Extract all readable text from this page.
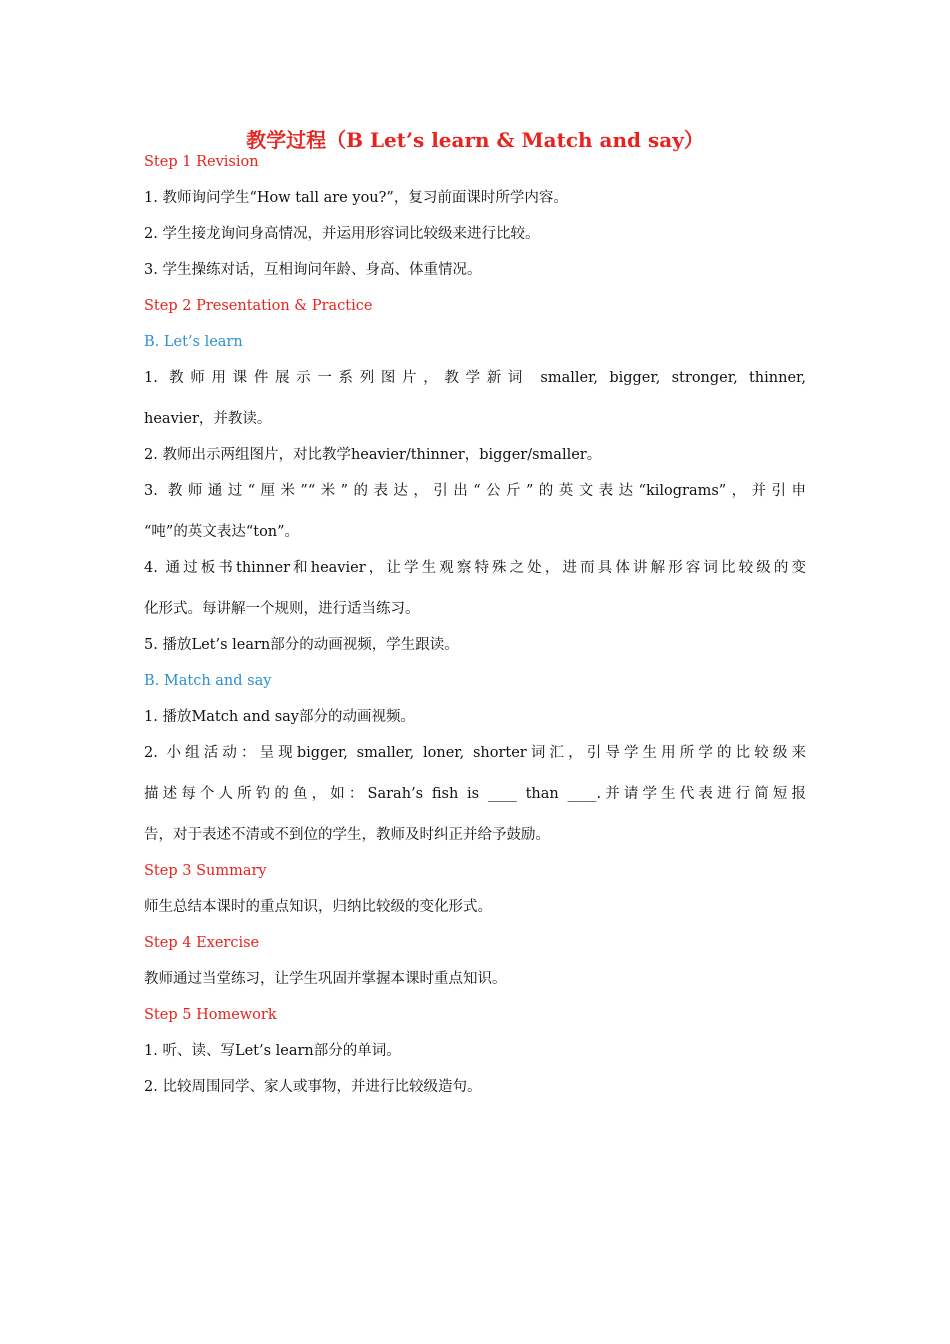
教学过程（B Let’s learn & Match and say）
Step 1 Revision
1. 教师询问学生“How tall are you?”，复习前面课时所学内容。
2. 学生接龙询问身高情况，并运用形容词比较级来进行比较。
3. 学生操练对话，互相询问年龄、身高、体重情况。
Step 2 Presentation & Practice
B. Let’s learn
1. 教师用课件展示一系列图片，教学新词 smaller, bigger, stronger, thinner,
heavier，并教读。
2. 教师出示两组图片，对比教学heavier/thinner，bigger/smaller。
3. 教师通过“厘米”“米”的表达，引出“公斤”的英文表达“kilograms”，并引申
“吨”的英文表达“ton”。
4. 通过板书thinner和heavier，让学生观察特殊之处，进而具体讲解形容词比较级的变
化形式。每讲解一个规则，进行适当练习。
5. 播放Let’s learn部分的动画视频，学生跟读。
B. Match and say
1. 播放Match and say部分的动画视频。
2. 小组活动：呈现bigger, smaller, loner, shorter词汇，引导学生用所学的比较级来
描述每个人所钓的鱼，如：Sarah’s fish is ____ than ____.并请学生代表进行简短报
告，对于表述不清或不到位的学生，教师及时纠正并给予鼓励。
Step 3 Summary
师生总结本课时的重点知识，归纳比较级的变化形式。
Step 4 Exercise
教师通过当堂练习，让学生巩固并掌握本课时重点知识。
Step 5 Homework
1. 听、读、写Let’s learn部分的单词。
2. 比较周围同学、家人或事物，并进行比较级造句。
